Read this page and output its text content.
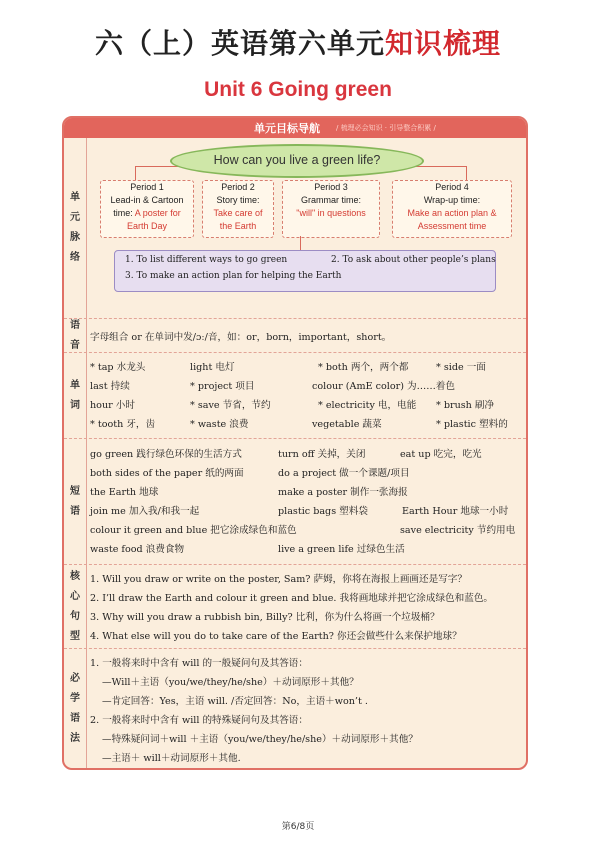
六（上）英语第六单元知识梳理
Unit 6 Going green
单元目标导航 / 梳理必会知识 · 引导整合积累 /
单
元
脉
络
How can you live a green life?
Period 1
Lead-in & Cartoon
time: A poster for
Earth Day
Period 2
Story time:
Take care of
the Earth
Period 3
Grammar time:
"will" in questions
Period 4
Wrap-up time:
Make an action plan &
Assessment time
1. To list different ways to go green	2. To ask about other people’s plans
3. To make an action plan for helping the Earth
语
音
字母组合 or 在单词中发/ɔː/音，如：or，born，important，short。
单
词
* tap 水龙头	light 电灯	* both 两个，两个都	* side 一面
last 持续	* project 项目	colour (AmE color) 为……着色
hour 小时	* save 节省，节约	* electricity 电，电能 * brush 刷净
* tooth 牙，齿	* waste 浪费	vegetable 蔬菜	* plastic 塑料的
短
语
go green 践行绿色环保的生活方式	turn off 关掉，关闭	eat up 吃完，吃光
both sides of the paper 纸的两面	do a project 做一个课题/项目
the Earth 地球	make a poster 制作一张海报
join me 加入我/和我一起	plastic bags 塑料袋	Earth Hour 地球一小时
colour it green and blue 把它涂成绿色和蓝色	save electricity 节约用电
waste food 浪费食物	live a green life 过绿色生活
核
心
句
型
1. Will you draw or write on the poster, Sam? 萨姆，你将在海报上画画还是写字？
2. I’ll draw the Earth and colour it green and blue. 我将画地球并把它涂成绿色和蓝色。
3. Why will you draw a rubbish bin, Billy? 比利，你为什么将画一个垃圾桶？
4. What else will you do to take care of the Earth? 你还会做些什么来保护地球？
必
学
语
法
1. 一般将来时中含有 will 的一般疑问句及其答语：
—Will＋主语（you/we/they/he/she）＋动词原形＋其他？
—肯定回答：Yes，主语 will. /否定回答：No，主语＋won’t .
2. 一般将来时中含有 will 的特殊疑问句及其答语：
—特殊疑问词＋will ＋主语（you/we/they/he/she）＋动词原形＋其他？
—主语＋ will＋动词原形＋其他.
第6/8页
